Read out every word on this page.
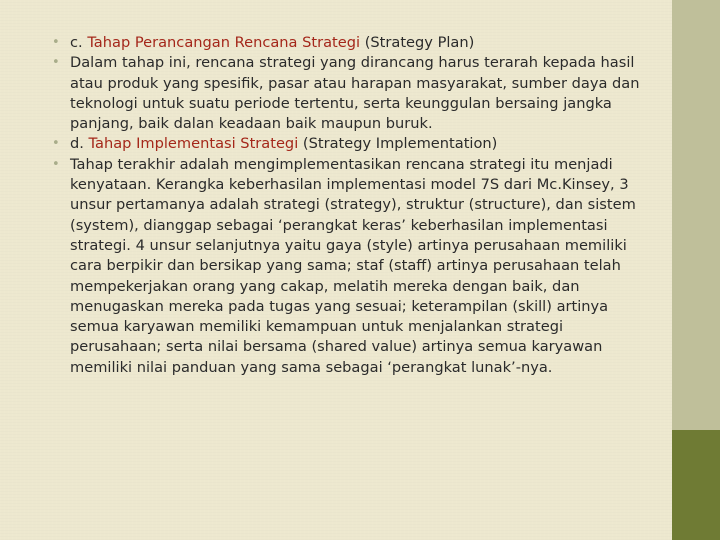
• c. Tahap Perancangan Rencana Strategi (Strategy Plan)
• Dalam tahap ini, rencana strategi yang dirancang harus terarah kepada hasil atau produk yang spesifik, pasar atau harapan masyarakat, sumber daya dan teknologi untuk suatu periode tertentu, serta keunggulan bersaing jangka panjang, baik dalan keadaan baik maupun buruk.
• d. Tahap Implementasi Strategi (Strategy Implementation)
• Tahap terakhir adalah mengimplementasikan rencana strategi itu menjadi kenyataan. Kerangka keberhasilan implementasi model 7S dari Mc.Kinsey, 3 unsur pertamanya adalah strategi (strategy), struktur (structure), dan sistem (system), dianggap sebagai ‘perangkat keras’ keberhasilan implementasi strategi. 4 unsur selanjutnya yaitu gaya (style) artinya perusahaan memiliki cara berpikir dan bersikap yang sama; staf (staff) artinya perusahaan telah mempekerjakan orang yang cakap, melatih mereka dengan baik, dan menugaskan mereka pada tugas yang sesuai; keterampilan (skill) artinya semua karyawan memiliki kemampuan untuk menjalankan strategi perusahaan; serta nilai bersama (shared value) artinya semua karyawan memiliki nilai panduan yang sama sebagai ‘perangkat lunak’-nya.
